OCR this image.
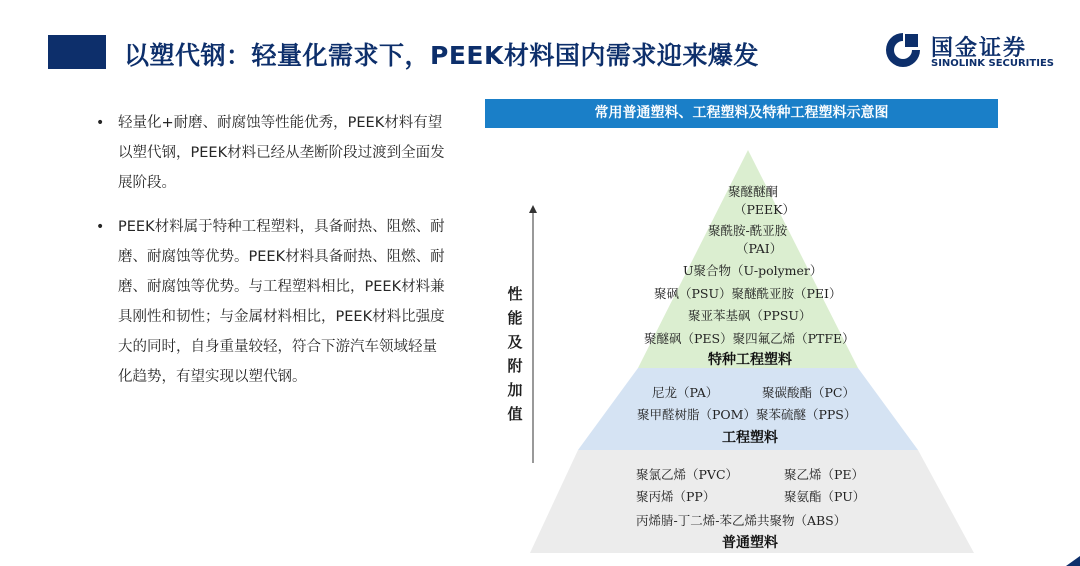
以塑代钢：轻量化需求下，PEEK材料国内需求迎来爆发	国金证券
SINOLINK SECURITIES
• 轻量化+耐磨、耐腐蚀等性能优秀，PEEK材料有望以塑代钢，PEEK材料已经从垄断阶段过渡到全面发展阶段。
• PEEK材料属于特种工程塑料，具备耐热、阻燃、耐磨、耐腐蚀等优势。PEEK材料具备耐热、阻燃、耐磨、耐腐蚀等优势。与工程塑料相比，PEEK材料兼具刚性和韧性；与金属材料相比，PEEK材料比强度大的同时，自身重量较轻，符合下游汽车领域轻量化趋势，有望实现以塑代钢。
常用普通塑料、工程塑料及特种工程塑料示意图
性能及附加值
聚醚醚酮
（PEEK）
聚酰胺-酰亚胺
（PAI）
U聚合物（U-polymer）
聚砜（PSU）聚醚酰亚胺（PEI）
聚亚苯基砜（PPSU）
聚醚砜（PES）聚四氟乙烯（PTFE）
特种工程塑料
尼龙（PA）	聚碳酸酯（PC）
聚甲醛树脂（POM）聚苯硫醚（PPS）
工程塑料
聚氯乙烯（PVC）	聚乙烯（PE）
聚丙烯（PP）	聚氨酯（PU）
丙烯腈-丁二烯-苯乙烯共聚物（ABS）
普通塑料
